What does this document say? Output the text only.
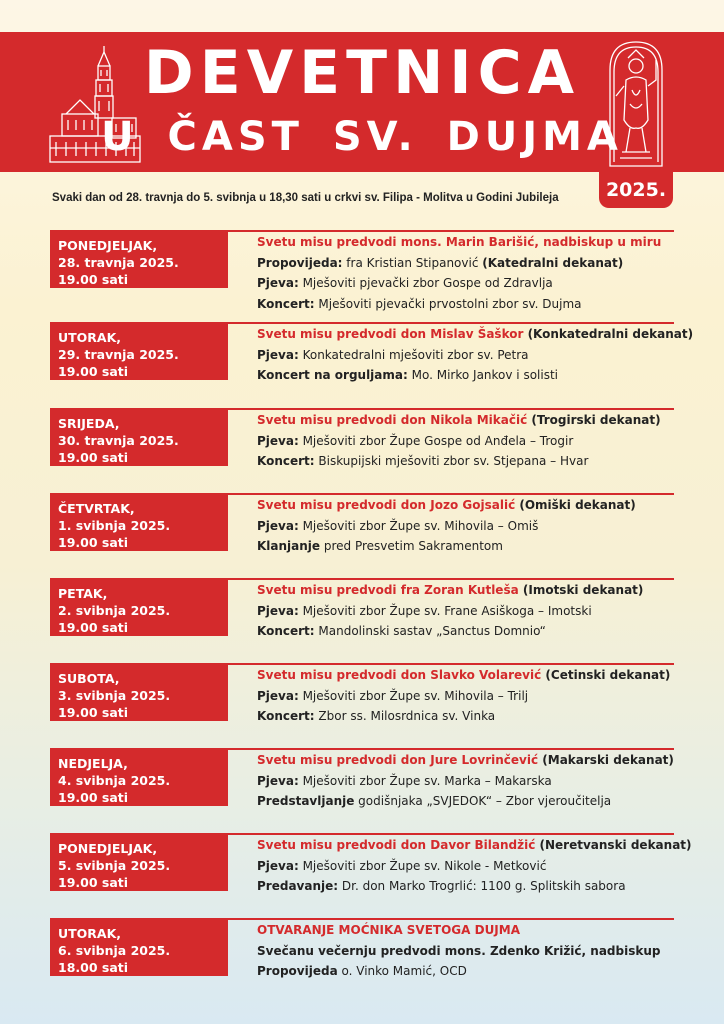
DEVETNICA
U ČAST SV. DUJMA
2025.
Svaki dan od 28. travnja do 5. svibnja u 18,30 sati u crkvi sv. Filipa - Molitva u Godini Jubileja
PONEDJELJAK,
28. travnja 2025.
19.00 sati
Svetu misu predvodi mons. Marin Barišić, nadbiskup u miru
Propovijeda: fra Kristian Stipanović (Katedralni dekanat)
Pjeva: Mješoviti pjevački zbor Gospe od Zdravlja
Koncert: Mješoviti pjevački prvostolni zbor sv. Dujma
UTORAK,
29. travnja 2025.
19.00 sati
Svetu misu predvodi don Mislav Šaškor (Konkatedralni dekanat)
Pjeva: Konkatedralni mješoviti zbor sv. Petra
Koncert na orguljama: Mo. Mirko Jankov i solisti
SRIJEDA,
30. travnja 2025.
19.00 sati
Svetu misu predvodi don Nikola Mikačić (Trogirski dekanat)
Pjeva: Mješoviti zbor Župe Gospe od Anđela – Trogir
Koncert: Biskupijski mješoviti zbor sv. Stjepana – Hvar
ČETVRTAK,
1. svibnja 2025.
19.00 sati
Svetu misu predvodi don Jozo Gojsalić (Omiški dekanat)
Pjeva: Mješoviti zbor Župe sv. Mihovila – Omiš
Klanjanje pred Presvetim Sakramentom
PETAK,
2. svibnja 2025.
19.00 sati
Svetu misu predvodi fra Zoran Kutleša (Imotski dekanat)
Pjeva: Mješoviti zbor Župe sv. Frane Asiškoga – Imotski
Koncert: Mandolinski sastav „Sanctus Domnio“
SUBOTA,
3. svibnja 2025.
19.00 sati
Svetu misu predvodi don Slavko Volarević (Cetinski dekanat)
Pjeva: Mješoviti zbor Župe sv. Mihovila – Trilj
Koncert: Zbor ss. Milosrdnica sv. Vinka
NEDJELJA,
4. svibnja 2025.
19.00 sati
Svetu misu predvodi don Jure Lovrinčević (Makarski dekanat)
Pjeva: Mješoviti zbor Župe sv. Marka – Makarska
Predstavljanje godišnjaka „SVJEDOK“ – Zbor vjeroučitelja
PONEDJELJAK,
5. svibnja 2025.
19.00 sati
Svetu misu predvodi don Davor Bilandžić (Neretvanski dekanat)
Pjeva: Mješoviti zbor Župe sv. Nikole - Metković
Predavanje: Dr. don Marko Trogrlić: 1100 g. Splitskih sabora
UTORAK,
6. svibnja 2025.
18.00 sati
OTVARANJE MOĆNIKA SVETOGA DUJMA
Svečanu večernju predvodi mons. Zdenko Križić, nadbiskup
Propovijeda o. Vinko Mamić, OCD
